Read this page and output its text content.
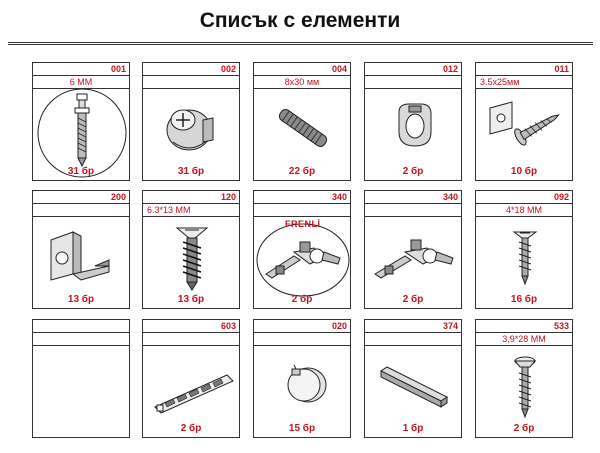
Списък с елементи
001
6 ММ
31 бр
002
31 бр
004
8х30 мм
22 бр
012
2 бр
011
3.5х25мм
10 бр
200
13 бр
120
6.3*13 ММ
13 бр
340
FRENLİ
2 бр
340
2 бр
092
4*18 ММ
16 бр
603
2 бр
020
15 бр
374
1 бр
533
3,9*28 ММ
2 бр
